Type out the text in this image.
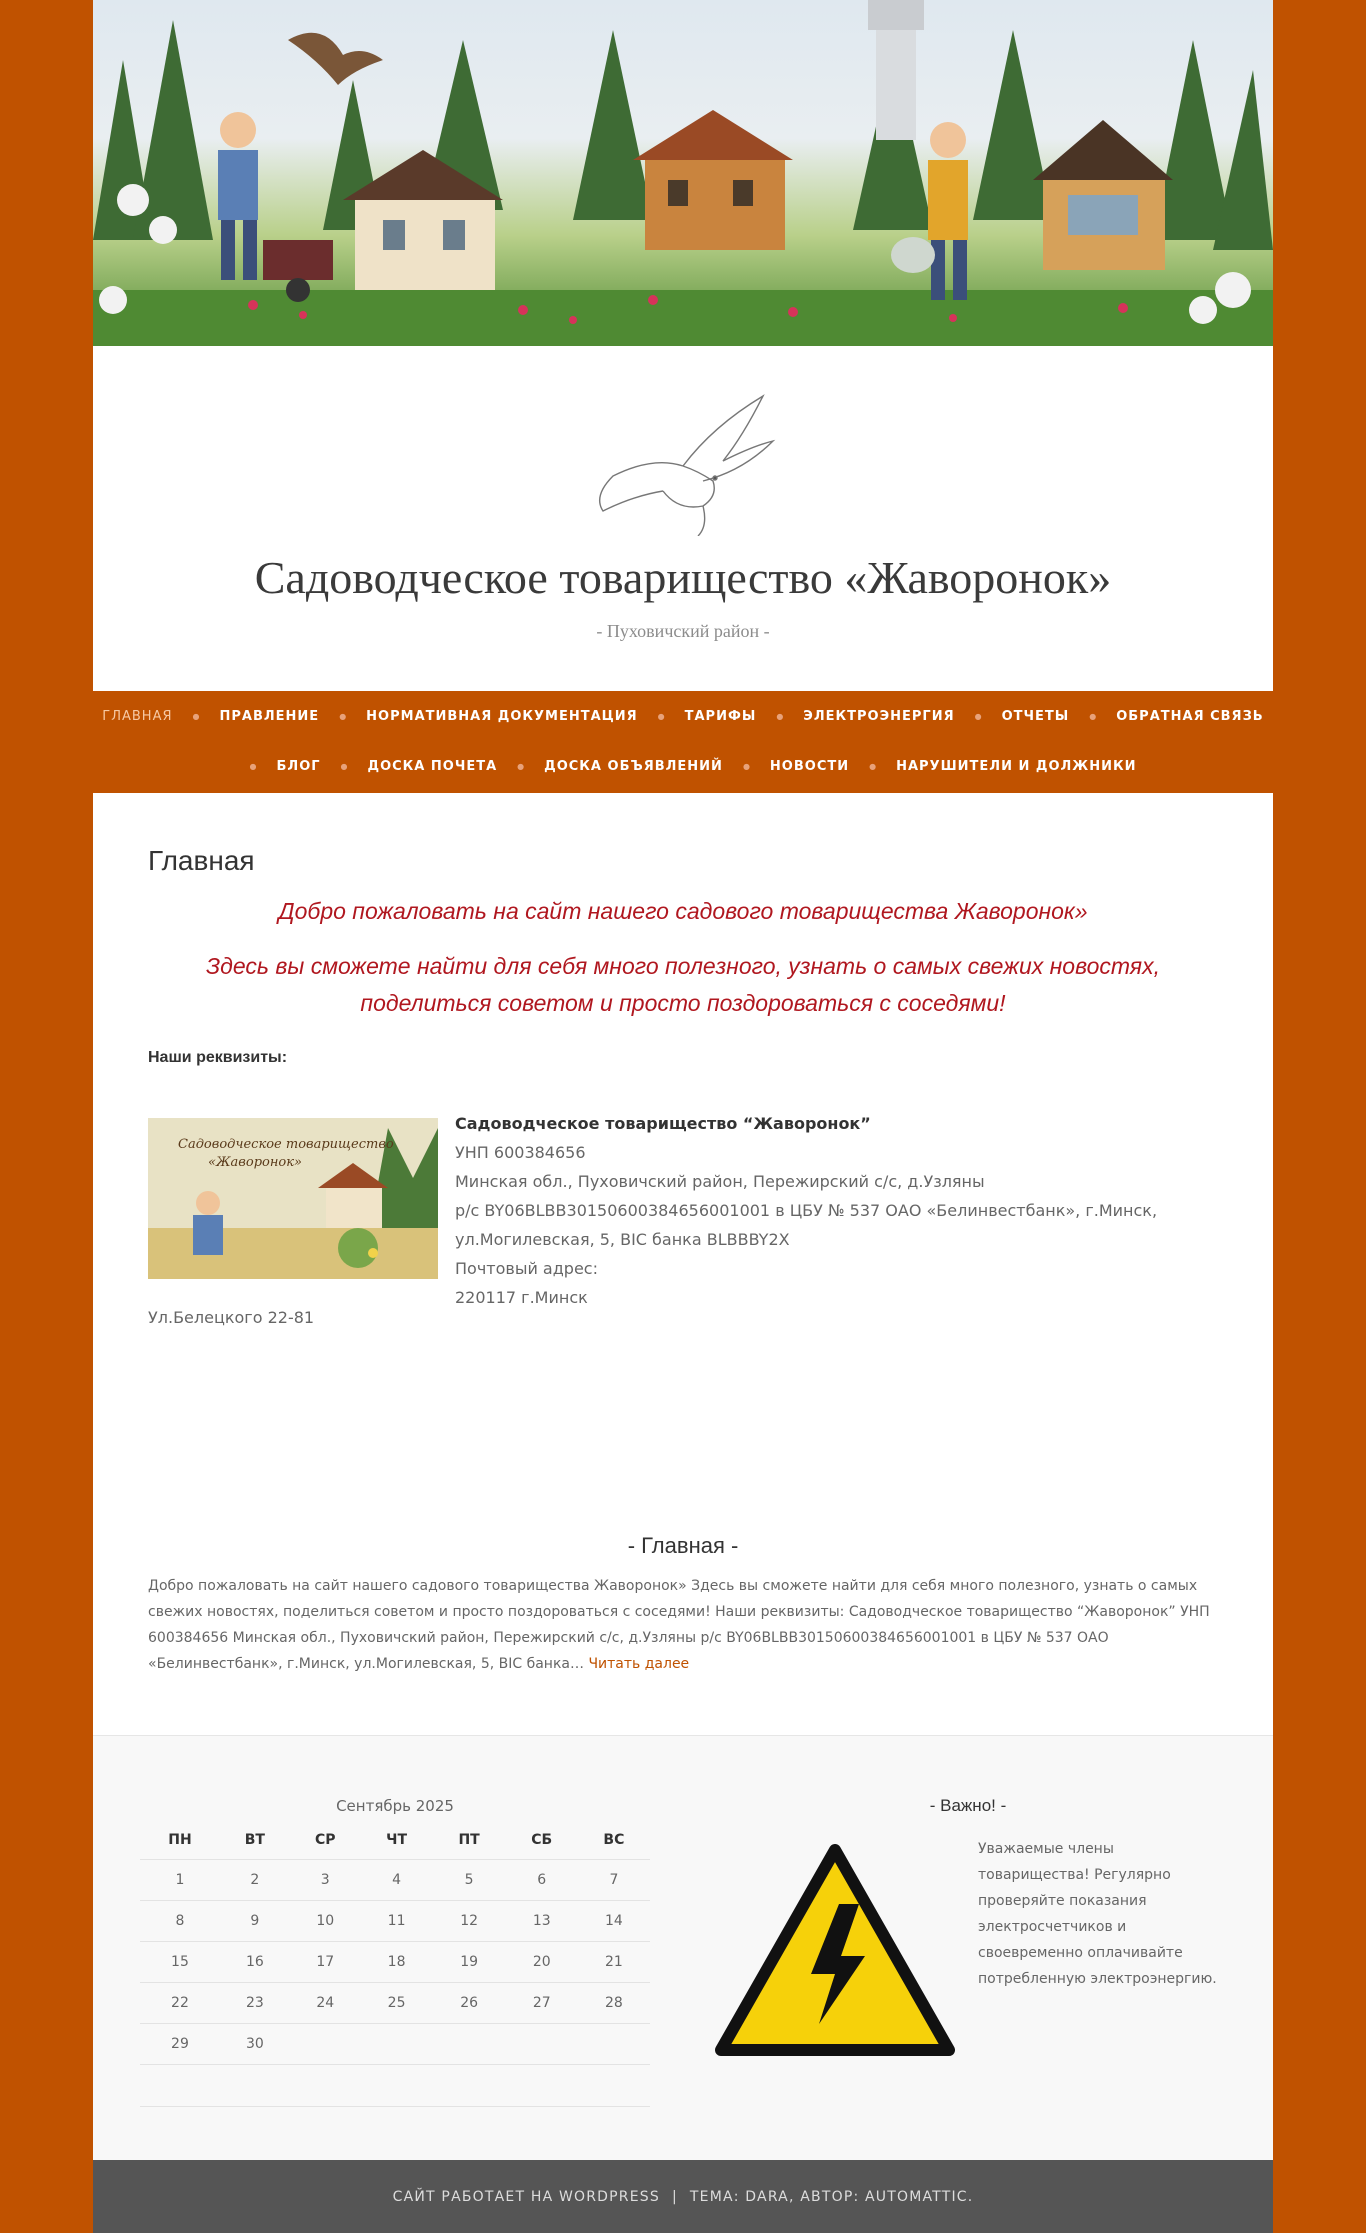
Садоводческое товарищество «Жаворонок»
- Пуховичский район -
ГЛАВНАЯ	● ПРАВЛЕНИЕ	● НОРМАТИВНАЯ ДОКУМЕНТАЦИЯ	● ТАРИФЫ	● ЭЛЕКТРОЭНЕРГИЯ	● ОТЧЕТЫ	● ОБРАТНАЯ СВЯЗЬ
● БЛОГ	● ДОСКА ПОЧЕТА	● ДОСКА ОБЪЯВЛЕНИЙ	● НОВОСТИ	● НАРУШИТЕЛИ И ДОЛЖНИКИ
Главная
Добро пожаловать на сайт нашего садового товарищества Жаворонок»
Здесь вы сможете найти для себя много полезного, узнать о самых свежих новостях,
поделиться советом и просто поздороваться с соседями!
Наши реквизиты:
Садоводческое товарищество
«Жаворонок»
Садоводческое товарищество “Жаворонок”
УНП 600384656
Минская обл., Пуховичский район, Пережирский с/с, д.Узляны
р/с BY06BLBB30150600384656001001 в ЦБУ № 537 ОАО «Белинвестбанк», г.Минск,
ул.Могилевская, 5, BIC банка BLBBBY2X
Почтовый адрес:
220117 г.Минск
Ул.Белецкого 22-81
- Главная -
Добро пожаловать на сайт нашего садового товарищества Жаворонок» Здесь вы сможете найти для себя много полезного, узнать о самых свежих новостях, поделиться советом и просто поздороваться с соседями! Наши реквизиты: Садоводческое товарищество “Жаворонок” УНП 600384656 Минская обл., Пуховичский район, Пережирский с/с, д.Узляны р/с BY06BLBB30150600384656001001 в ЦБУ № 537 ОАО «Белинвестбанк», г.Минск, ул.Могилевская, 5, BIC банка… Читать далее
Сентябрь 2025
ПН	ВТ	СР	ЧТ	ПТ	СБ	ВС
1	2	3	4	5	6	7
8	9	10	11	12	13	14
15	16	17	18	19	20	21
22	23	24	25	26	27	28
29	30					

- Важно! -
Уважаемые члены товарищества! Регулярно проверяйте показания электросчетчиков и своевременно оплачивайте потребленную электроэнергию.
САЙТ РАБОТАЕТ НА WORDPRESS | ТЕМА: DARA, АВТОР: AUTOMATTIC.
